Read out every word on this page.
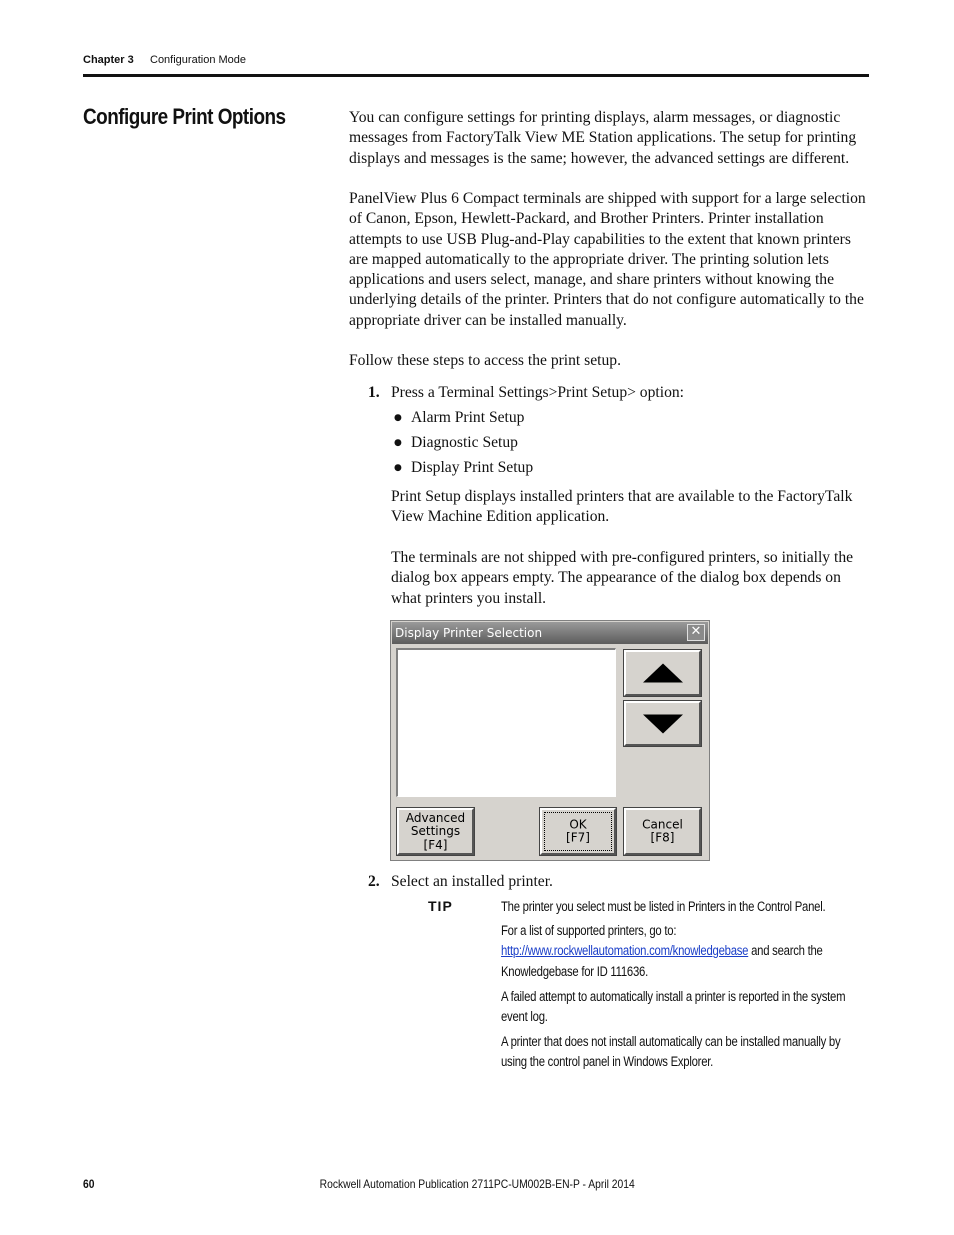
Chapter 3 Configuration Mode
Configure Print Options	You can configure settings for printing displays, alarm messages, or diagnostic messages from FactoryTalk View ME Station applications. The setup for printing displays and messages is the same; however, the advanced settings are different.
PanelView Plus 6 Compact terminals are shipped with support for a large selection of Canon, Epson, Hewlett-Packard, and Brother Printers. Printer installation attempts to use USB Plug-and-Play capabilities to the extent that known printers are mapped automatically to the appropriate driver. The printing solution lets applications and users select, manage, and share printers without knowing the underlying details of the printer. Printers that do not configure automatically to the appropriate driver can be installed manually.
Follow these steps to access the print setup.
1. Press a Terminal Settings>Print Setup> option:
● Alarm Print Setup
● Diagnostic Setup
● Display Print Setup
Print Setup displays installed printers that are available to the FactoryTalk View Machine Edition application.
The terminals are not shipped with pre-configured printers, so initially the dialog box appears empty. The appearance of the dialog box depends on what printers you install.
Display Printer Selection	✕
Advanced
Settings
[F4]
OK
[F7]
Cancel
[F8]
2. Select an installed printer.
TIP	The printer you select must be listed in Printers in the Control Panel.
For a list of supported printers, go to:
http://www.rockwellautomation.com/knowledgebase and search the Knowledgebase for ID 111636.
A failed attempt to automatically install a printer is reported in the system event log.
A printer that does not install automatically can be installed manually by using the control panel in Windows Explorer.
60	Rockwell Automation Publication 2711PC-UM002B-EN-P - April 2014
